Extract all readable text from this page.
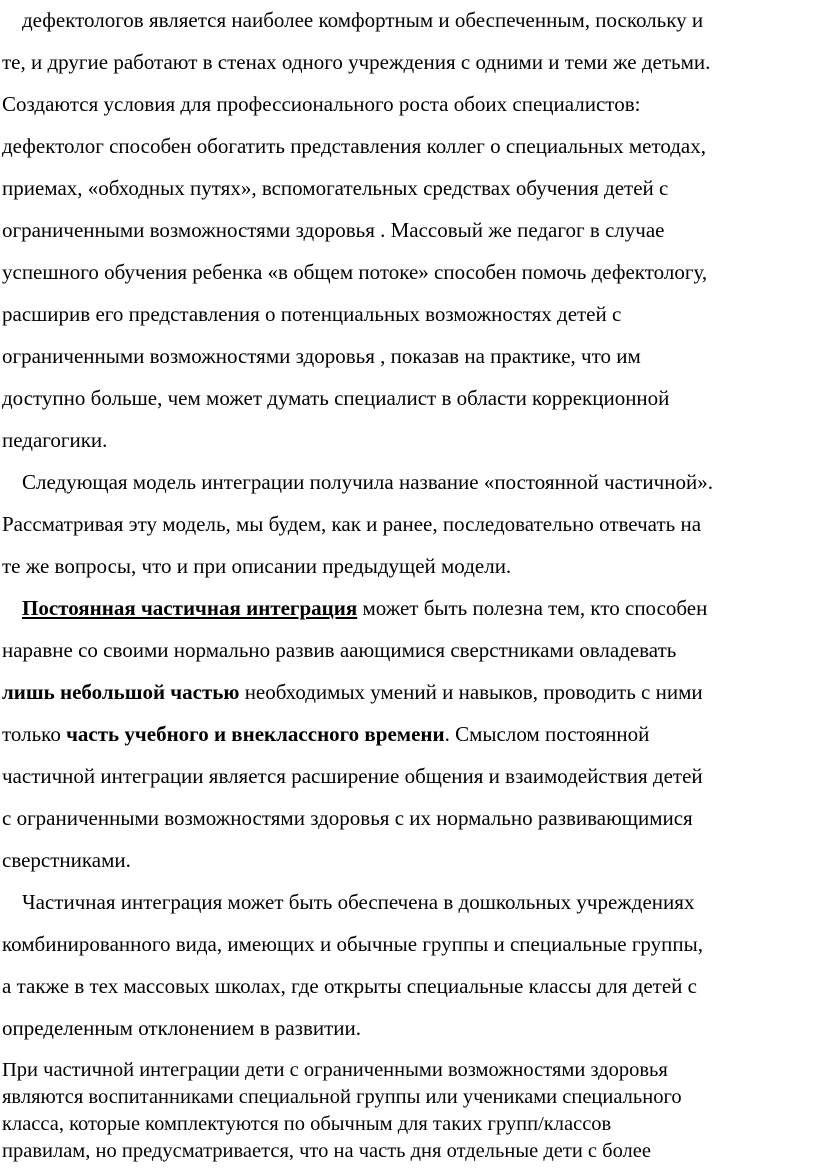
дефектологов является наиболее комфортным и обеспеченным, поскольку и
те, и другие работают в стенах одного учреждения с одними и теми же детьми.
Создаются условия для профессионального роста обоих специалистов:
дефектолог способен обогатить представления коллег о специальных методах,
приемах, «обходных путях», вспомогательных средствах обучения детей с
ограниченными возможностями здоровья . Массовый же педагог в случае
успешного обучения ребенка «в общем потоке» способен помочь дефектологу,
расширив его представления о потенциальных возможностях детей с
ограниченными возможностями здоровья , показав на практике, что им
доступно больше, чем может думать специалист в области коррекционной
педагогики.
Следующая модель интеграции получила название «постоянной частичной».
Рассматривая эту модель, мы будем, как и ранее, последовательно отвечать на
те же вопросы, что и при описании предыдущей модели.
Постоянная частичная интеграция может быть полезна тем, кто способен
наравне со своими нормально развив аающимися сверстниками овладевать
лишь небольшой частью необходимых умений и навыков, проводить с ними
только часть учебного и внеклассного времени. Смыслом постоянной
частичной интеграции является расширение общения и взаимодействия детей
с ограниченными возможностями здоровья с их нормально развивающимися
сверстниками.
Частичная интеграция может быть обеспечена в дошкольных учреждениях
комбинированного вида, имеющих и обычные группы и специальные группы,
а также в тех массовых школах, где открыты специальные классы для детей с
определенным отклонением в развитии.
При частичной интеграции дети с ограниченными возможностями здоровья
являются воспитанниками специальной группы или учениками специального
класса, которые комплектуются по обычным для таких групп/классов
правилам, но предусматривается, что на часть дня отдельные дети с более
